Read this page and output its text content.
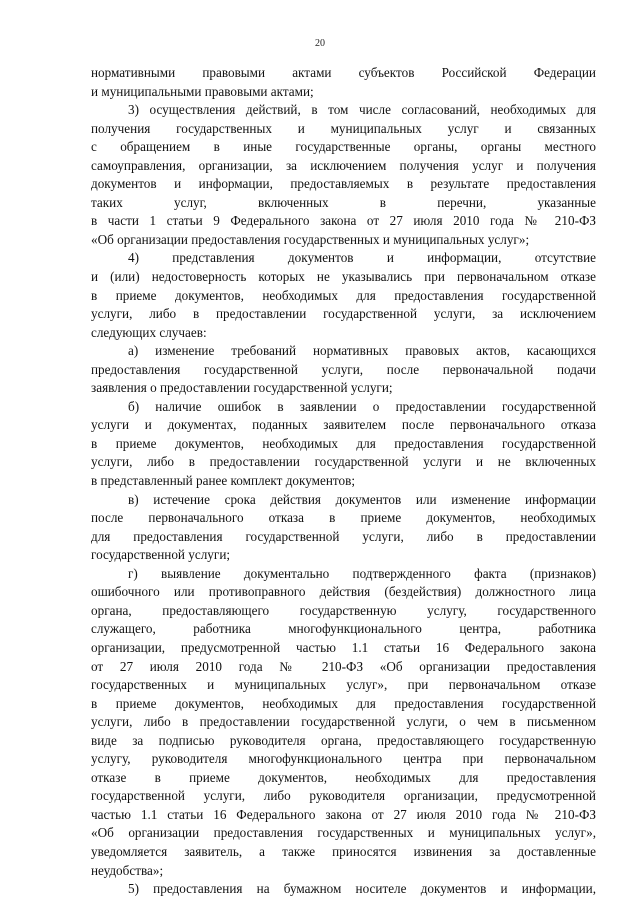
20
нормативными правовыми актами субъектов Российской Федерации
и муниципальными правовыми актами;
3) осуществления действий, в том числе согласований, необходимых для
получения государственных и муниципальных услуг и связанных
с обращением в иные государственные органы, органы местного
самоуправления, организации, за исключением получения услуг и получения
документов и информации, предоставляемых в результате предоставления
таких услуг, включенных в перечни, указанные
в части 1 статьи 9 Федерального закона от 27 июля 2010 года № 210-ФЗ
«Об организации предоставления государственных и муниципальных услуг»;
4) представления документов и информации, отсутствие
и (или) недостоверность которых не указывались при первоначальном отказе
в приеме документов, необходимых для предоставления государственной
услуги, либо в предоставлении государственной услуги, за исключением
следующих случаев:
а) изменение требований нормативных правовых актов, касающихся
предоставления государственной услуги, после первоначальной подачи
заявления о предоставлении государственной услуги;
б) наличие ошибок в заявлении о предоставлении государственной
услуги и документах, поданных заявителем после первоначального отказа
в приеме документов, необходимых для предоставления государственной
услуги, либо в предоставлении государственной услуги и не включенных
в представленный ранее комплект документов;
в) истечение срока действия документов или изменение информации
после первоначального отказа в приеме документов, необходимых
для предоставления государственной услуги, либо в предоставлении
государственной услуги;
г) выявление документально подтвержденного факта (признаков)
ошибочного или противоправного действия (бездействия) должностного лица
органа, предоставляющего государственную услугу, государственного
служащего, работника многофункционального центра, работника
организации, предусмотренной частью 1.1 статьи 16 Федерального закона
от 27 июля 2010 года № 210-ФЗ «Об организации предоставления
государственных и муниципальных услуг», при первоначальном отказе
в приеме документов, необходимых для предоставления государственной
услуги, либо в предоставлении государственной услуги, о чем в письменном
виде за подписью руководителя органа, предоставляющего государственную
услугу, руководителя многофункционального центра при первоначальном
отказе в приеме документов, необходимых для предоставления
государственной услуги, либо руководителя организации, предусмотренной
частью 1.1 статьи 16 Федерального закона от 27 июля 2010 года № 210-ФЗ
«Об организации предоставления государственных и муниципальных услуг»,
уведомляется заявитель, а также приносятся извинения за доставленные
неудобства»;
5) предоставления на бумажном носителе документов и информации,
